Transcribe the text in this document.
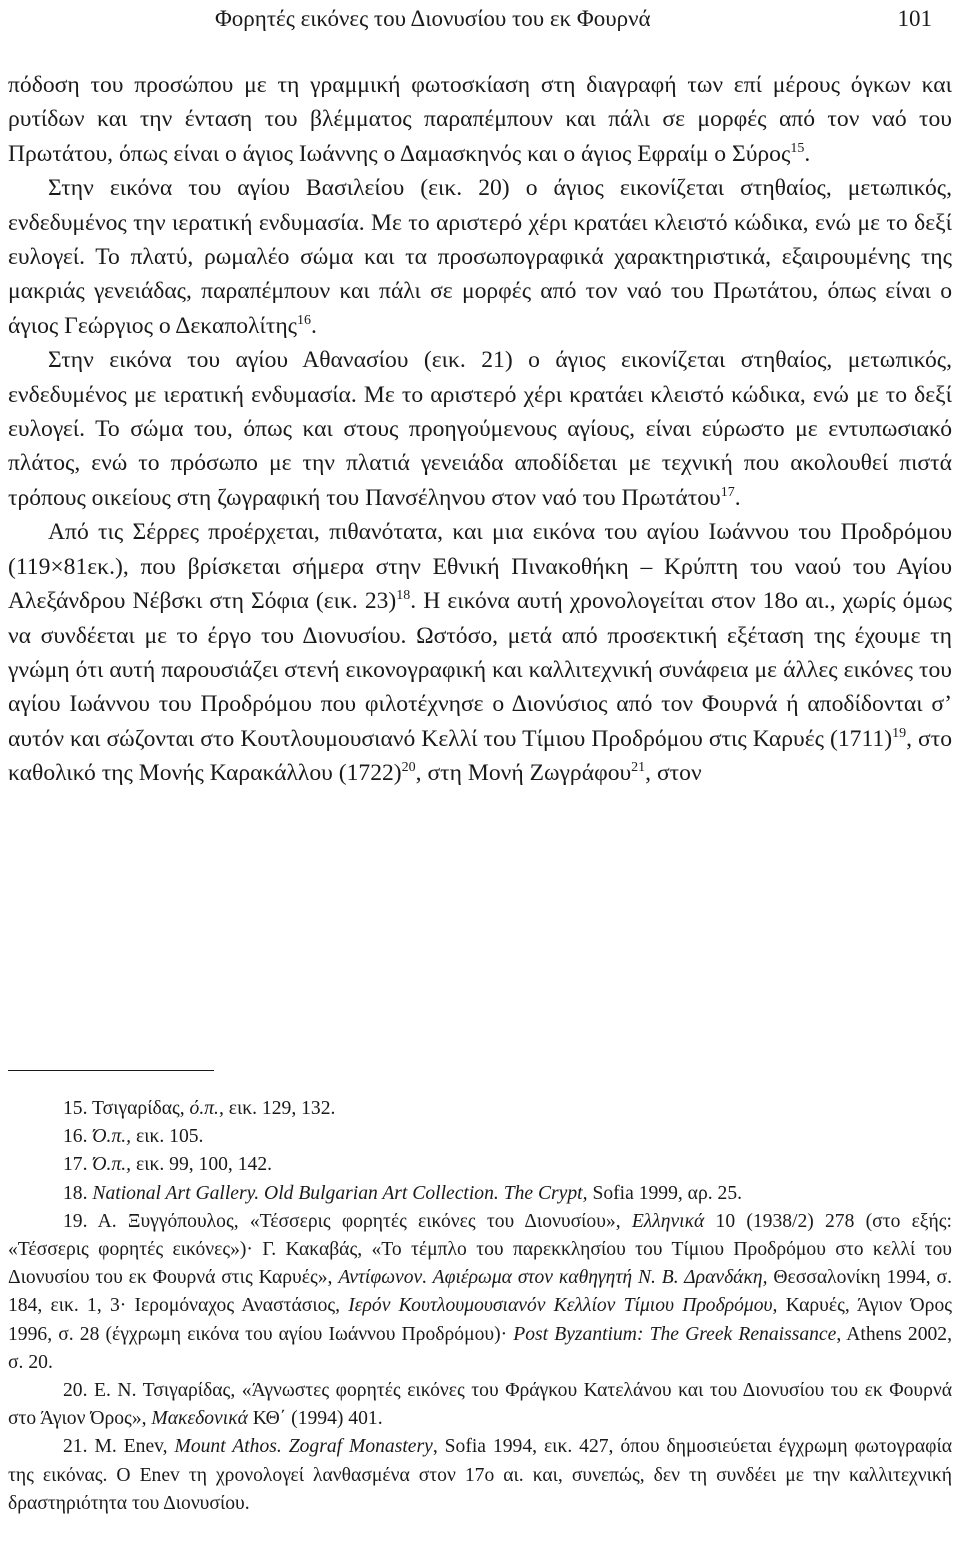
Φορητές εικόνες του Διονυσίου του εκ Φουρνά	101

πόδοση του προσώπου με τη γραμμική φωτοσκίαση στη διαγραφή των επί μέρους όγκων και ρυτίδων και την ένταση του βλέμματος παραπέμπουν και πάλι σε μορφές από τον ναό του Πρωτάτου, όπως είναι ο άγιος Ιωάννης ο Δαμασκηνός και ο άγιος Εφραίμ ο Σύρος$^{15}$.

Στην εικόνα του αγίου Βασιλείου (εικ. 20) ο άγιος εικονίζεται στηθαίος, μετωπικός, ενδεδυμένος την ιερατική ενδυμασία. Με το αριστερό χέρι κρατάει κλειστό κώδικα, ενώ με το δεξί ευλογεί. Το πλατύ, ρωμαλέο σώμα και τα προσωπογραφικά χαρακτηριστικά, εξαιρουμένης της μακριάς γενειάδας, παραπέμπουν και πάλι σε μορφές από τον ναό του Πρωτάτου, όπως είναι ο άγιος Γεώργιος ο Δεκαπολίτης$^{16}$.

Στην εικόνα του αγίου Αθανασίου (εικ. 21) ο άγιος εικονίζεται στηθαίος, μετωπικός, ενδεδυμένος με ιερατική ενδυμασία. Με το αριστερό χέρι κρατάει κλειστό κώδικα, ενώ με το δεξί ευλογεί. Το σώμα του, όπως και στους προηγούμενους αγίους, είναι εύρωστο με εντυπωσιακό πλάτος, ενώ το πρόσωπο με την πλατιά γενειάδα αποδίδεται με τεχνική που ακολουθεί πιστά τρόπους οικείους στη ζωγραφική του Πανσέληνου στον ναό του Πρωτάτου$^{17}$.

Από τις Σέρρες προέρχεται, πιθανότατα, και μια εικόνα του αγίου Ιωάννου του Προδρόμου (119×81εκ.), που βρίσκεται σήμερα στην Εθνική Πινακοθήκη – Κρύπτη του ναού του Αγίου Αλεξάνδρου Νέβσκι στη Σόφια (εικ. 23)$^{18}$. Η εικόνα αυτή χρονολογείται στον 18ο αι., χωρίς όμως να συνδέεται με το έργο του Διονυσίου. Ωστόσο, μετά από προσεκτική εξέταση της έχουμε τη γνώμη ότι αυτή παρουσιάζει στενή εικονογραφική και καλλιτεχνική συνάφεια με άλλες εικόνες του αγίου Ιωάννου του Προδρόμου που φιλοτέχνησε ο Διονύσιος από τον Φουρνά ή αποδίδονται σ’ αυτόν και σώζονται στο Κουτλουμουσιανό Κελλί του Τίμιου Προδρόμου στις Καρυές $(1711)^{19}$, στο καθολικό της Μονής Καρακάλλου $(1722)^{20}$, στη Μονή Ζωγράφου$^{21}$, στον

15. Τσιγαρίδας, ό.π., εικ. 129, 132.

16. Ό.π., εικ. 105.

17. Ό.π., εικ. 99, 100, 142.

18. National Art Gallery. Old Bulgarian Art Collection. The Crypt, Sofia 1999, αρ. 25.

19. Α. Ξυγγόπουλος, «Τέσσερις φορητές εικόνες του Διονυσίου», Ελληνικά 10 (1938/2) 278 (στο εξής: «Τέσσερις φορητές εικόνες»)· Γ. Κακαβάς, «Το τέμπλο του παρεκκλησίου του Τίμιου Προδρόμου στο κελλί του Διονυσίου του εκ Φουρνά στις Καρυές», Αντίφωνον. Αφιέρωμα στον καθηγητή Ν. Β. Δρανδάκη, Θεσσαλονίκη 1994, σ. 184, εικ. 1, 3· Ιερομόναχος Αναστάσιος, Ιερόν Κουτλουμουσιανόν Κελλίον Τίμιου Προδρόμου, Καρυές, Άγιον Όρος 1996, σ. 28 (έγχρωμη εικόνα του αγίου Ιωάννου Προδρόμου)· Post Byzantium: The Greek Renaissance, Athens 2002, σ. 20.

20. Ε. Ν. Τσιγαρίδας, «Άγνωστες φορητές εικόνες του Φράγκου Κατελάνου και του Διονυσίου του εκ Φουρνά στο Άγιον Όρος», Μακεδονικά ΚΘ΄ (1994) 401.

21. M. Enev, Mount Athos. Zograf Monastery, Sofia 1994, εικ. 427, όπου δημοσιεύεται έγχρωμη φωτογραφία της εικόνας. Ο Enev τη χρονολογεί λανθασμένα στον 17ο αι. και, συνεπώς, δεν τη συνδέει με την καλλιτεχνική δραστηριότητα του Διονυσίου.
